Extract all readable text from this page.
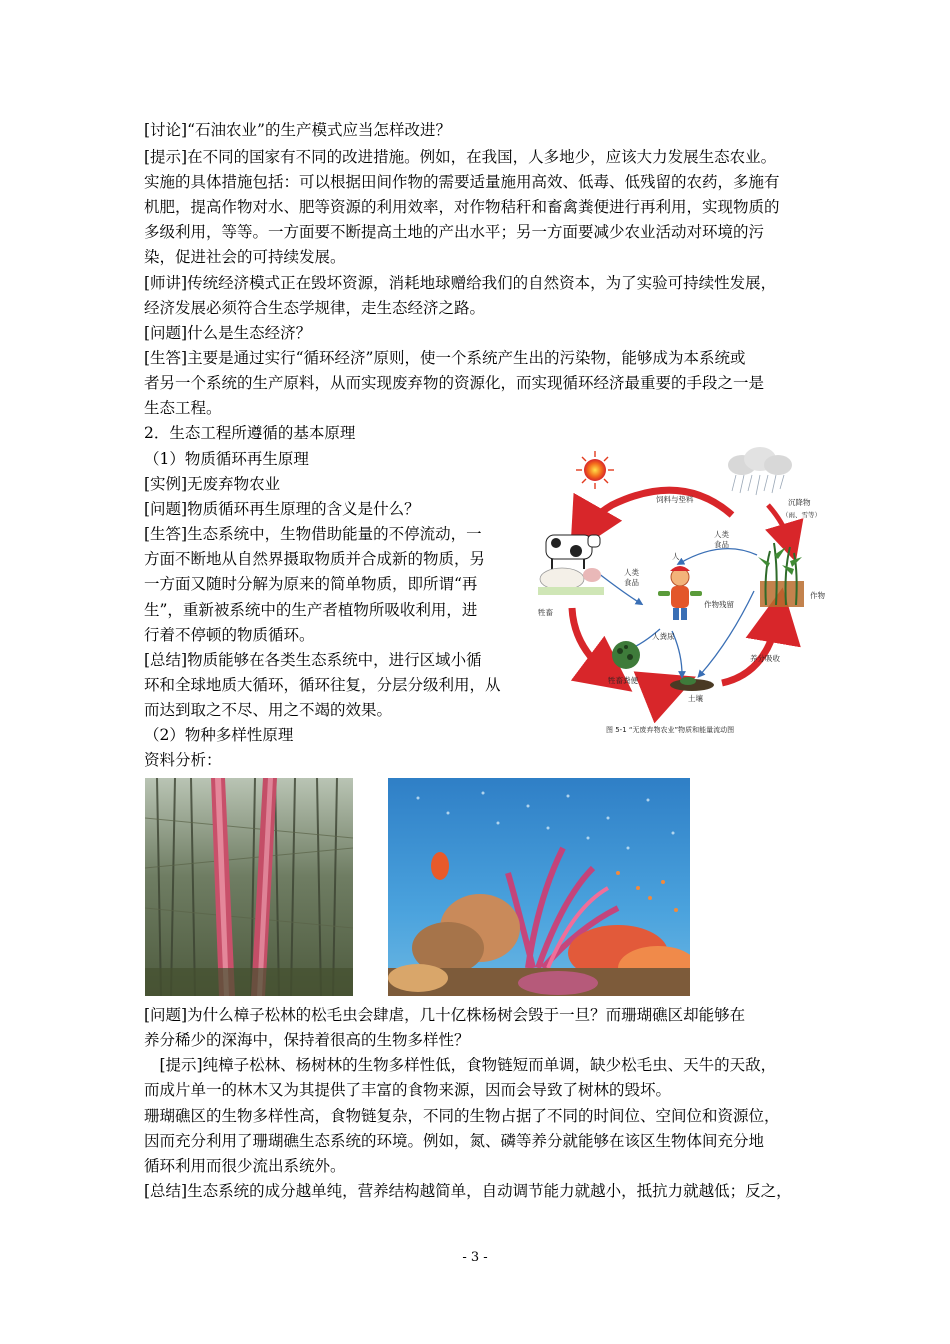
[讨论]“石油农业”的生产模式应当怎样改进？
[提示]在不同的国家有不同的改进措施。例如，在我国，人多地少，应该大力发展生态农业。
实施的具体措施包括：可以根据田间作物的需要适量施用高效、低毒、低残留的农药，多施有
机肥，提高作物对水、肥等资源的利用效率，对作物秸秆和畜禽粪便进行再利用，实现物质的
多级利用，等等。一方面要不断提高土地的产出水平；另一方面要减少农业活动对环境的污
染，促进社会的可持续发展。
[师讲]传统经济模式正在毁坏资源，消耗地球赠给我们的自然资本，为了实验可持续性发展，
经济发展必须符合生态学规律，走生态经济之路。
[问题]什么是生态经济？
[生答]主要是通过实行“循环经济”原则，使一个系统产生出的污染物，能够成为本系统或
者另一个系统的生产原料，从而实现废弃物的资源化，而实现循环经济最重要的手段之一是
生态工程。
2．生态工程所遵循的基本原理
（1）物质循环再生原理
[实例]无废弃物农业
[问题]物质循环再生原理的含义是什么？
[生答]生态系统中，生物借助能量的不停流动，一
方面不断地从自然界摄取物质并合成新的物质，另
一方面又随时分解为原来的简单物质，即所谓“再
生”，重新被系统中的生产者植物所吸收利用，进
行着不停顿的物质循环。
[总结]物质能够在各类生态系统中，进行区域小循
环和全球地质大循环，循环往复，分层分级利用，从
而达到取之不尽、用之不竭的效果。
（2）物种多样性原理
资料分析：
饲料与垫料	沉降物
（雨、雪等）
人
人类
食品
人类
食品
牲畜
作物
作物残留
人粪尿
牲畜粪便
养分吸收
土壤
图 5-1 “无废弃物农业”物质和能量流动图
[问题]为什么樟子松林的松毛虫会肆虐，几十亿株杨树会毁于一旦？而珊瑚礁区却能够在
养分稀少的深海中，保持着很高的生物多样性？
　[提示]纯樟子松林、杨树林的生物多样性低，食物链短而单调，缺少松毛虫、天牛的天敌，
而成片单一的林木又为其提供了丰富的食物来源，因而会导致了树林的毁坏。
珊瑚礁区的生物多样性高，食物链复杂，不同的生物占据了不同的时间位、空间位和资源位，
因而充分利用了珊瑚礁生态系统的环境。例如，氮、磷等养分就能够在该区生物体间充分地
循环利用而很少流出系统外。
[总结]生态系统的成分越单纯，营养结构越简单，自动调节能力就越小，抵抗力就越低；反之，
- 3 -
